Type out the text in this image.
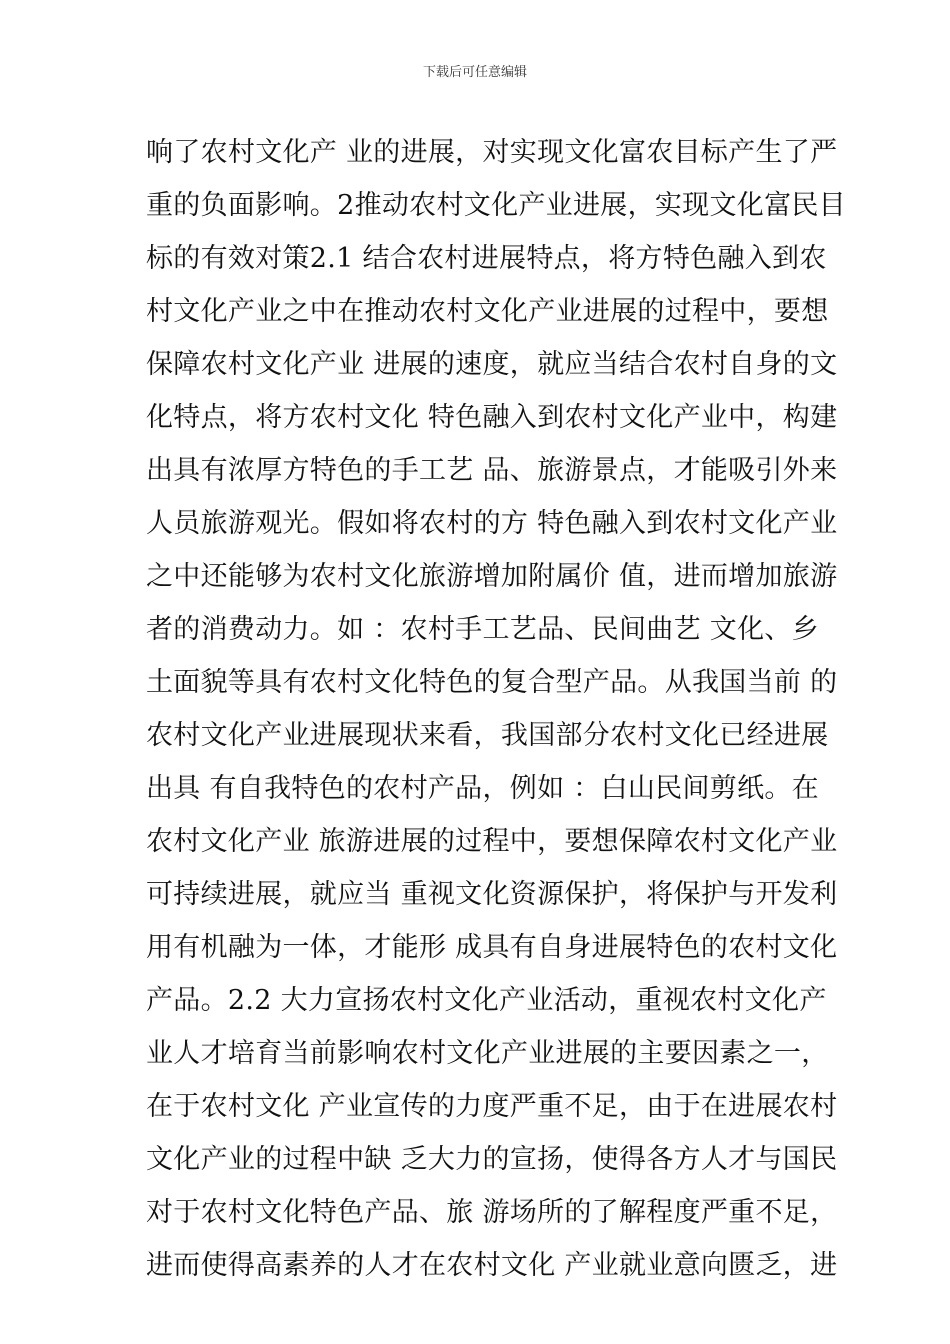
下载后可任意编辑
响了农村文化产 业的进展，对实现文化富农目标产生了严
重的负面影响。2推动农村文化产业进展，实现文化富民目
标的有效对策2.1 结合农村进展特点，将方特色融入到农
村文化产业之中在推动农村文化产业进展的过程中，要想
保障农村文化产业 进展的速度，就应当结合农村自身的文
化特点，将方农村文化 特色融入到农村文化产业中，构建
出具有浓厚方特色的手工艺 品、旅游景点，才能吸引外来
人员旅游观光。假如将农村的方 特色融入到农村文化产业
之中还能够为农村文化旅游增加附属价 值，进而增加旅游
者的消费动力。如 ：农村手工艺品、民间曲艺 文化、乡
土面貌等具有农村文化特色的复合型产品。从我国当前 的
农村文化产业进展现状来看，我国部分农村文化已经进展
出具 有自我特色的农村产品，例如 ：白山民间剪纸。在
农村文化产业 旅游进展的过程中，要想保障农村文化产业
可持续进展，就应当 重视文化资源保护，将保护与开发利
用有机融为一体，才能形 成具有自身进展特色的农村文化
产品。2.2 大力宣扬农村文化产业活动，重视农村文化产
业人才培育当前影响农村文化产业进展的主要因素之一，
在于农村文化 产业宣传的力度严重不足，由于在进展农村
文化产业的过程中缺 乏大力的宣扬，使得各方人才与国民
对于农村文化特色产品、旅 游场所的了解程度严重不足，
进而使得高素养的人才在农村文化 产业就业意向匮乏，进
